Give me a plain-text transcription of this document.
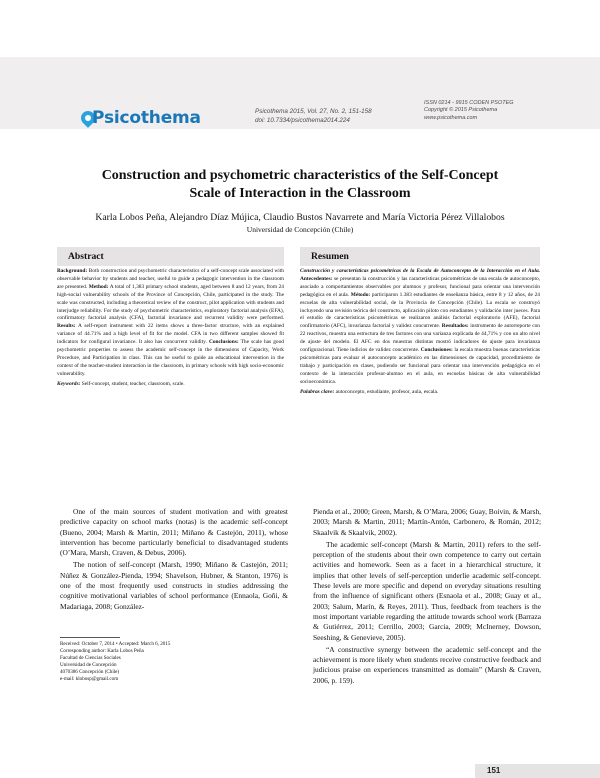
Psicothema	Psicothema 2015, Vol. 27, No. 2, 151-158
doi: 10.7334/psicothema2014.224
ISSN 0214 - 9915 CODEN PSOTEG
Copyright © 2015 Psicothema
www.psicothema.com
Construction and psychometric characteristics of the Self-Concept Scale of Interaction in the Classroom
Karla Lobos Peña, Alejandro Díaz Mújica, Claudio Bustos Navarrete and María Victoria Pérez Villalobos
Universidad de Concepción (Chile)
Abstract	Resumen
Background: Both construction and psychometric characteristics of a self-concept scale associated with observable behavior by students and teacher, useful to guide a pedagogic intervention in the classroom are presented. Method: A total of 1,383 primary school students, aged between 8 and 12 years, from 24 high-social vulnerability schools of the Province of Concepción, Chile, participated in the study. The scale was constructed, including a theoretical review of the construct, pilot application with students and interjudge reliability. For the study of psychometric characteristics, exploratory factorial analysis (EFA), confirmatory factorial analysis (CFA), factorial invariance and recurrent validity were performed. Results: A self-report instrument with 22 items shows a three-factor structure, with an explained variance of 44.71% and a high level of fit for the model. CFA in two different samples showed fit indicators for configural invariance. It also has concurrent validity. Conclusions: The scale has good psychometric properties to assess the academic self-concept in the dimensions of Capacity, Work Procedure, and Participation in class. This can be useful to guide an educational intervention in the context of the teacher-student interaction in the classroom, in primary schools with high socio-economic vulnerability.
Keywords: Self-concept, student, teacher, classroom, scale.
Construcción y características psicométricas de la Escala de Autoconcepto de la Interacción en el Aula. Antecedentes: se presentan la construcción y las características psicométricas de una escala de autoconcepto, asociado a comportamientos observables por alumnos y profesor, funcional para orientar una intervención pedagógica en el aula. Método: participaron 1.383 estudiantes de enseñanza básica, entre 8 y 12 años, de 24 escuelas de alta vulnerabilidad social, de la Provincia de Concepción (Chile). La escala se construyó incluyendo una revisión teórica del constructo, aplicación piloto con estudiantes y validación inter jueces. Para el estudio de características psicométricas se realizaron análisis factorial exploratorio (AFE), factorial confirmatorio (AFC), invarianza factorial y validez concurrente. Resultados: instrumento de autorreporte con 22 reactivos, muestra una estructura de tres factores con una varianza explicada de 44,71% y con un alto nivel de ajuste del modelo. El AFC en dos muestras distintas mostró indicadores de ajuste para invarianza configuracional. Tiene indicios de validez concurrente. Conclusiones: la escala muestra buenas características psicométricas para evaluar el autoconcepto académico en las dimensiones de capacidad, procedimiento de trabajo y participación en clases, pudiendo ser funcional para orientar una intervención pedagógica en el contexto de la interacción profesor-alumno en el aula, en escuelas básicas de alta vulnerabilidad socioeconómica.
Palabras clave: autoconcepto, estudiante, profesor, aula, escala.

One of the main sources of student motivation and with greatest predictive capacity on school marks (notas) is the academic self-concept (Bueno, 2004; Marsh & Martin, 2011; Miñano & Castejón, 2011), whose intervention has become particularly beneficial to disadvantaged students (O’Mara, Marsh, Craven, & Debus, 2006).

The notion of self-concept (Marsh, 1990; Miñano & Castejón, 2011; Núñez & González-Pienda, 1994; Shavelson, Hubner, & Stanton, 1976) is one of the most frequently used constructs in studies addressing the cognitive motivational variables of school performance (Ennaola, Goñi, & Madariaga, 2008; González-

Pienda et al., 2000; Green, Marsh, & O’Mara, 2006; Guay, Boivin, & Marsh, 2003; Marsh & Martin, 2011; Martín-Antón, Carbonero, & Román, 2012; Skaalvik & Skaalvik, 2002).

The academic self-concept (Marsh & Martin, 2011) refers to the self-perception of the students about their own competence to carry out certain activities and homework. Seen as a facet in a hierarchical structure, it implies that other levels of self-perception underlie academic self-concept. These levels are more specific and depend on everyday situations resulting from the influence of significant others (Esnaola et al., 2008; Guay et al., 2003; Salum, Marín, & Reyes, 2011). Thus, feedback from teachers is the most important variable regarding the attitude towards school work (Barraza & Gutiérrez, 2011; Cerrillo, 2003; Garcia, 2009; McInerney, Dowson, Seeshing, & Genevieve, 2005).

“A constructive synergy between the academic self-concept and the achievement is more likely when students receive constructive feedback and judicious praise on experiences transmitted as domain” (Marsh & Craven, 2006, p. 159).

Received: October 7, 2014 • Accepted: March 6, 2015
Corresponding author: Karla Lobos Peña
Facultad de Ciencias Sociales
Universidad de Concepción
4070386 Concepción (Chile)
e-mail: klobosp@gmail.com
151
